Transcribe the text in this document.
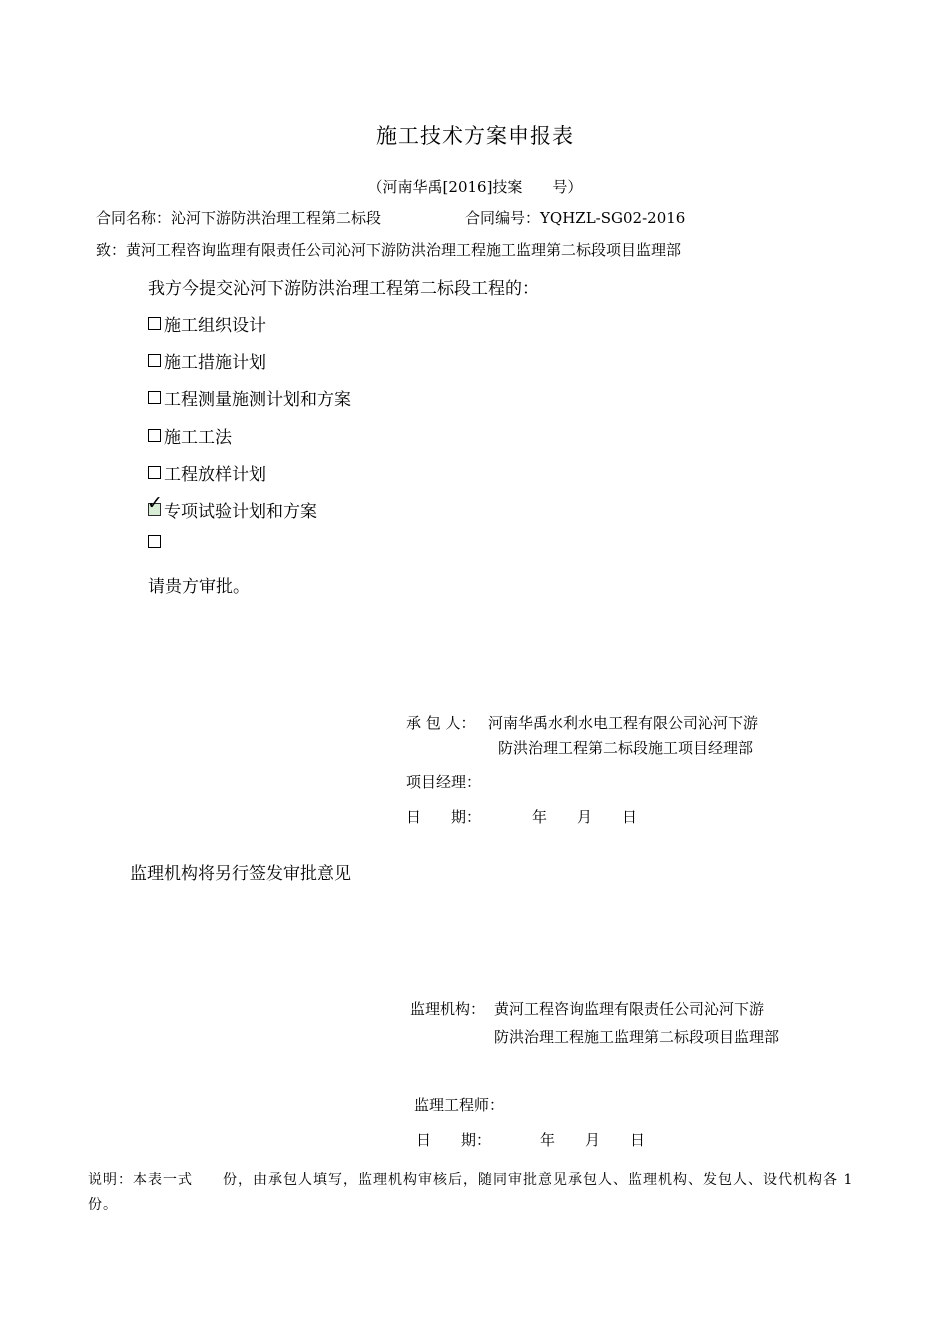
施工技术方案申报表
（河南华禹[2016]技案　　号）
合同名称：沁河下游防洪治理工程第二标段	合同编号：YQHZL-SG02-2016
致：黄河工程咨询监理有限责任公司沁河下游防洪治理工程施工监理第二标段项目监理部
我方今提交沁河下游防洪治理工程第二标段工程的：
施工组织设计
施工措施计划
工程测量施测计划和方案
施工工法
工程放样计划
✓ 专项试验计划和方案
请贵方审批。
承 包 人： 河南华禹水利水电工程有限公司沁河下游
防洪治理工程第二标段施工项目经理部
项目经理：
日　　期：	年　　月　　日
监理机构将另行签发审批意见
监理机构： 黄河工程咨询监理有限责任公司沁河下游
防洪治理工程施工监理第二标段项目监理部
监理工程师：
日　　期：	年　　月　　日
说明：本表一式　　份，由承包人填写，监理机构审核后，随同审批意见承包人、监理机构、发包人、设代机构各 1 份。
